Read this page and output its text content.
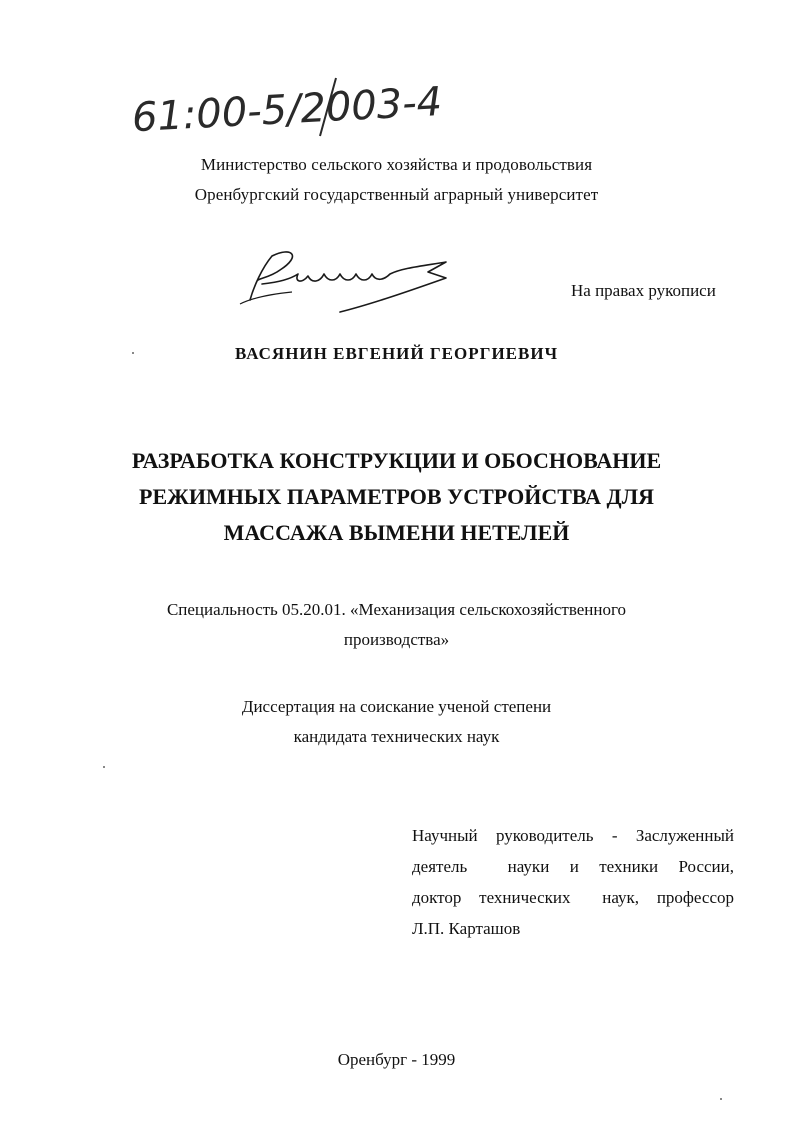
61:00-5/2003-4
Министерство сельского хозяйства и продовольствия
Оренбургский государственный аграрный университет
На правах рукописи
ВАСЯНИН ЕВГЕНИЙ ГЕОРГИЕВИЧ
РАЗРАБОТКА КОНСТРУКЦИИ И ОБОСНОВАНИЕ
РЕЖИМНЫХ ПАРАМЕТРОВ УСТРОЙСТВА ДЛЯ
МАССАЖА ВЫМЕНИ НЕТЕЛЕЙ
Специальность 05.20.01. «Механизация сельскохозяйственного
производства»
Диссертация на соискание ученой степени
кандидата технических наук
Научный руководитель - Заслуженный
деятель науки и техники России,
доктор технических наук, профессор
Л.П. Карташов
Оренбург - 1999
